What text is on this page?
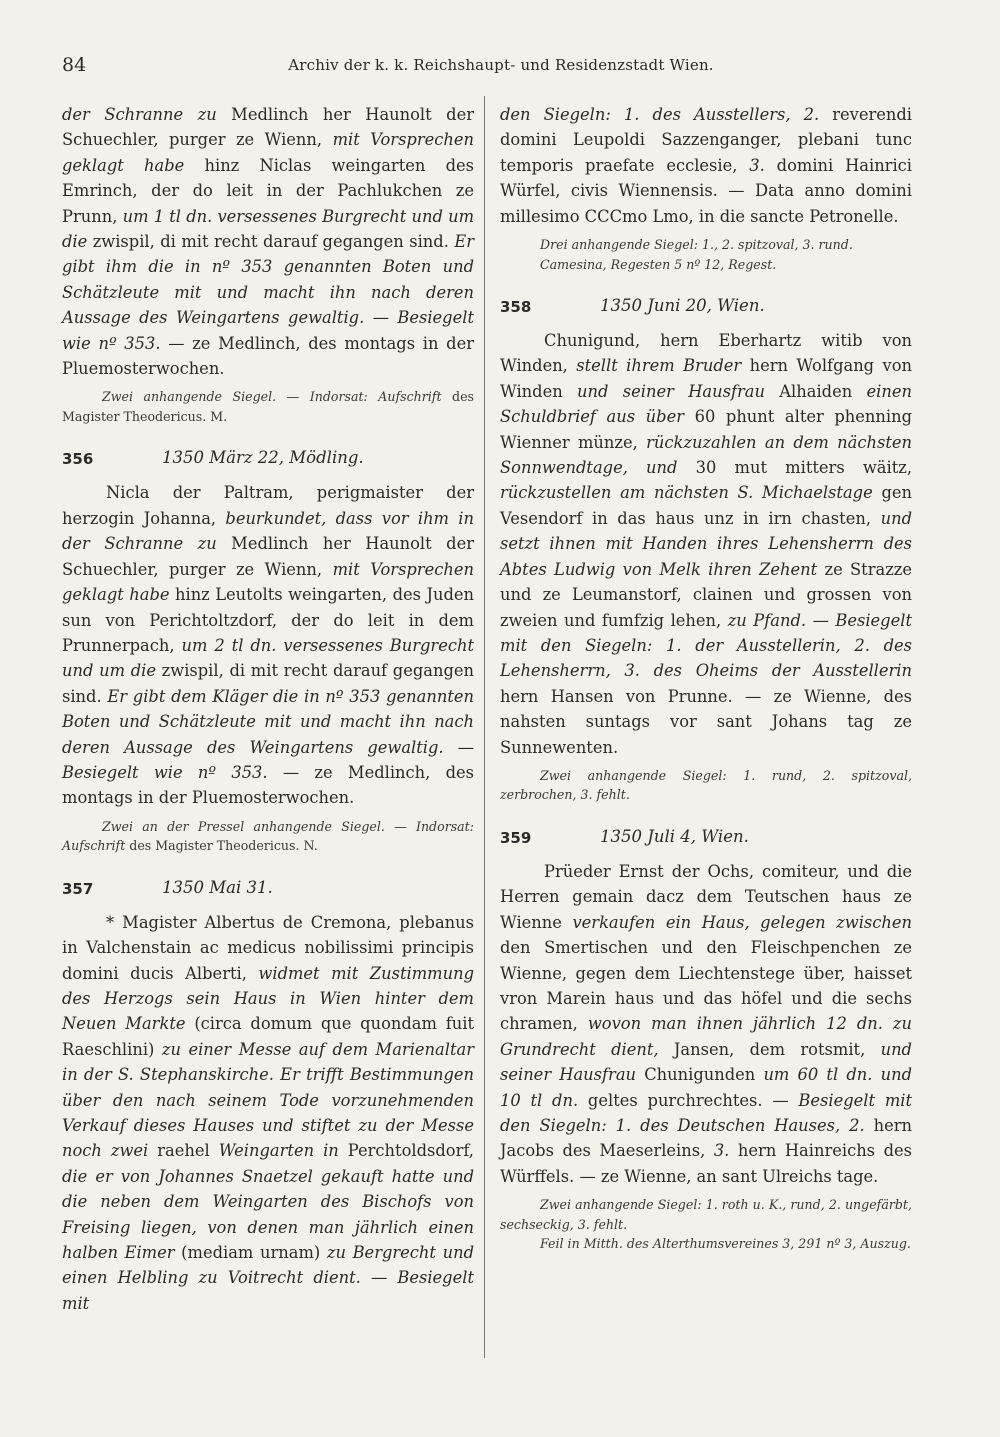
84	Archiv der k. k. Reichshaupt- und Residenzstadt Wien.

der Schranne zu Medlinch her Haunolt der Schuechler, purger ze Wienn, mit Vorsprechen geklagt habe hinz Niclas weingarten des Emrinch, der do leit in der Pachlukchen ze Prunn, um 1 tl dn. versessenes Burgrecht und um die zwispil, di mit recht darauf gegangen sind. Er gibt ihm die in nº 353 genannten Boten und Schätzleute mit und macht ihn nach deren Aussage des Weingartens gewaltig. — Besiegelt wie nº 353. — ze Medlinch, des montags in der Pluemosterwochen.

Zwei anhangende Siegel. — Indorsat: Aufschrift des Magister Theodericus. M.

356	1350 März 22, Mödling.

Nicla der Paltram, perigmaister der herzogin Johanna, beurkundet, dass vor ihm in der Schranne zu Medlinch her Haunolt der Schuechler, purger ze Wienn, mit Vorsprechen geklagt habe hinz Leutolts weingarten, des Juden sun von Perichtoltzdorf, der do leit in dem Prunnerpach, um 2 tl dn. versessenes Burgrecht und um die zwispil, di mit recht darauf gegangen sind. Er gibt dem Kläger die in nº 353 genannten Boten und Schätzleute mit und macht ihn nach deren Aussage des Weingartens gewaltig. — Besiegelt wie nº 353. — ze Medlinch, des montags in der Pluemosterwochen.

Zwei an der Pressel anhangende Siegel. — Indorsat: Aufschrift des Magister Theodericus. N.

357	1350 Mai 31.

* Magister Albertus de Cremona, plebanus in Valchenstain ac medicus nobilissimi principis domini ducis Alberti, widmet mit Zustimmung des Herzogs sein Haus in Wien hinter dem Neuen Markte (circa domum que quondam fuit Raeschlini) zu einer Messe auf dem Marienaltar in der S. Stephanskirche. Er trifft Bestimmungen über den nach seinem Tode vorzunehmenden Verkauf dieses Hauses und stiftet zu der Messe noch zwei raehel Weingarten in Perchtoldsdorf, die er von Johannes Snaetzel gekauft hatte und die neben dem Weingarten des Bischofs von Freising liegen, von denen man jährlich einen halben Eimer (mediam urnam) zu Bergrecht und einen Helbling zu Voitrecht dient. — Besiegelt mit

den Siegeln: 1. des Ausstellers, 2. reverendi domini Leupoldi Sazzenganger, plebani tunc temporis praefate ecclesie, 3. domini Hainrici Würfel, civis Wiennensis. — Data anno domini millesimo CCCmo Lmo, in die sancte Petronelle.

Drei anhangende Siegel: 1., 2. spitzoval, 3. rund.

Camesina, Regesten 5 nº 12, Regest.

358	1350 Juni 20, Wien.

Chunigund, hern Eberhartz witib von Winden, stellt ihrem Bruder hern Wolfgang von Winden und seiner Hausfrau Alhaiden einen Schuldbrief aus über 60 phunt alter phenning Wienner münze, rückzuzahlen an dem nächsten Sonnwendtage, und 30 mut mitters wäitz, rückzustellen am nächsten S. Michaelstage gen Vesendorf in das haus unz in irn chasten, und setzt ihnen mit Handen ihres Lehensherrn des Abtes Ludwig von Melk ihren Zehent ze Strazze und ze Leumanstorf, clainen und grossen von zweien und fumfzig lehen, zu Pfand. — Besiegelt mit den Siegeln: 1. der Ausstellerin, 2. des Lehensherrn, 3. des Oheims der Ausstellerin hern Hansen von Prunne. — ze Wienne, des nahsten suntags vor sant Johans tag ze Sunnewenten.

Zwei anhangende Siegel: 1. rund, 2. spitzoval, zerbrochen, 3. fehlt.

359	1350 Juli 4, Wien.

Prüeder Ernst der Ochs, comiteur, und die Herren gemain dacz dem Teutschen haus ze Wienne verkaufen ein Haus, gelegen zwischen den Smertischen und den Fleischpenchen ze Wienne, gegen dem Liechtenstege über, haisset vron Marein haus und das höfel und die sechs chramen, wovon man ihnen jährlich 12 dn. zu Grundrecht dient, Jansen, dem rotsmit, und seiner Hausfrau Chunigunden um 60 tl dn. und 10 tl dn. geltes purchrechtes. — Besiegelt mit den Siegeln: 1. des Deutschen Hauses, 2. hern Jacobs des Maeserleins, 3. hern Hainreichs des Würffels. — ze Wienne, an sant Ulreichs tage.

Zwei anhangende Siegel: 1. roth u. K., rund, 2. ungefärbt, sechseckig, 3. fehlt.

Feil in Mitth. des Alterthumsvereines 3, 291 nº 3, Auszug.
